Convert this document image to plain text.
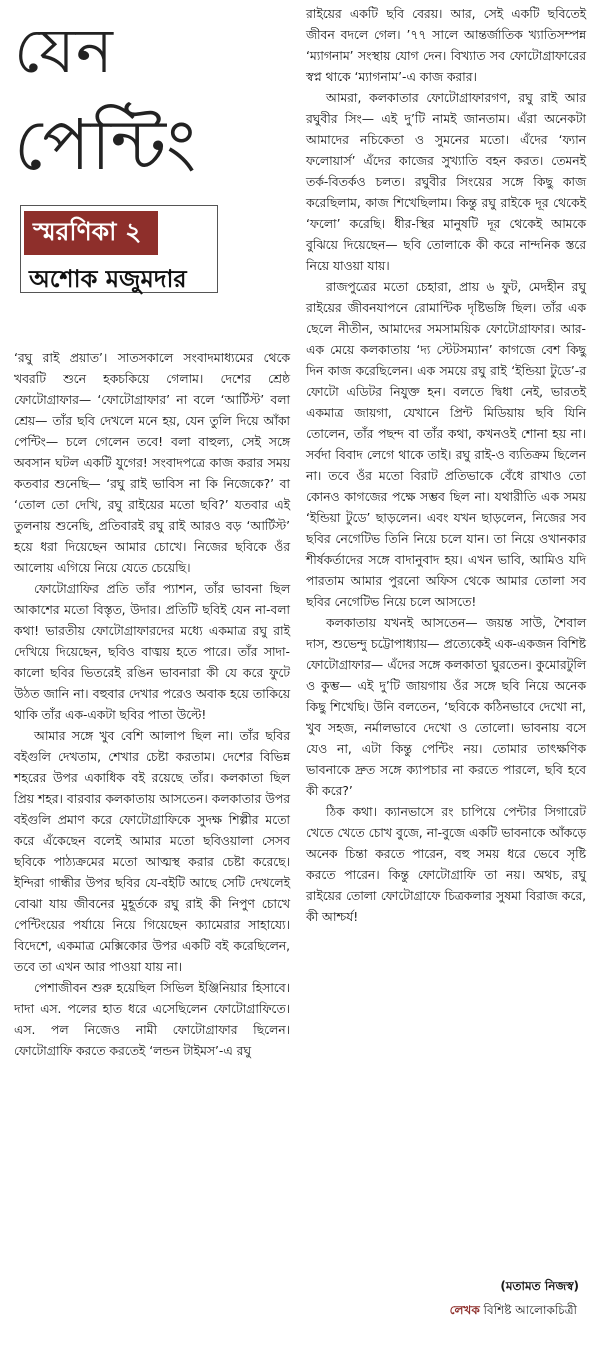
যেন
পেন্টিং
স্মরণিকা ২
অশোক মজুমদার

‘রঘু রাই প্রয়াত’। সাতসকালে সংবাদমাধ্যমের থেকে খবরটি শুনে হকচকিয়ে গেলাম। দেশের শ্রেষ্ঠ ফোটোগ্রাফার— ‘ফোটোগ্রাফার’ না বলে ‘আর্টিস্ট’ বলা শ্রেয়— তাঁর ছবি দেখলে মনে হয়, যেন তুলি দিয়ে আঁকা পেন্টিং— চলে গেলেন তবে! বলা বাহুল্য, সেই সঙ্গে অবসান ঘটল একটি যুগের! সংবাদপত্রে কাজ করার সময় কতবার শুনেছি— ‘রঘু রাই ভাবিস না কি নিজেকে?’ বা ‘তোল তো দেখি, রঘু রাইয়ের মতো ছবি?’ যতবার এই তুলনায় শুনেছি, প্রতিবারই রঘু রাই আরও বড় ‘আর্টিস্ট’ হয়ে ধরা দিয়েছেন আমার চোখে। নিজের ছবিকে ওঁর আলোয় এগিয়ে নিয়ে যেতে চেয়েছি।

ফোটোগ্রাফির প্রতি তাঁর প্যাশন, তাঁর ভাবনা ছিল আকাশের মতো বিস্তৃত, উদার। প্রতিটি ছবিই যেন না-বলা কথা! ভারতীয় ফোটোগ্রাফারদের মধ্যে একমাত্র রঘু রাই দেখিয়ে দিয়েছেন, ছবিও বাঙ্ময় হতে পারে। তাঁর সাদা-কালো ছবির ভিতরেই রঙিন ভাবনারা কী যে করে ফুটে উঠত জানি না। বহুবার দেখার পরেও অবাক হয়ে তাকিয়ে থাকি তাঁর এক-একটা ছবির পাতা উল্টে!

আমার সঙ্গে খুব বেশি আলাপ ছিল না। তাঁর ছবির বইগুলি দেখতাম, শেখার চেষ্টা করতাম। দেশের বিভিন্ন শহরের উপর একাধিক বই রয়েছে তাঁর। কলকাতা ছিল প্রিয় শহর। বারবার কলকাতায় আসতেন। কলকাতার উপর বইগুলি প্রমাণ করে ফোটোগ্রাফিকে সুদক্ষ শিল্পীর মতো করে এঁকেছেন বলেই আমার মতো ছবিওয়ালা সেসব ছবিকে পাঠ্যক্রমের মতো আত্মস্থ করার চেষ্টা করেছে। ইন্দিরা গান্ধীর উপর ছবির যে-বইটি আছে সেটি দেখলেই বোঝা যায় জীবনের মুহূর্তকে রঘু রাই কী নিপুণ চোখে পেন্টিংয়ের পর্যায়ে নিয়ে গিয়েছেন ক্যামেরার সাহায্যে। বিদেশে, একমাত্র মেক্সিকোর উপর একটি বই করেছিলেন, তবে তা এখন আর পাওয়া যায় না।

পেশাজীবন শুরু হয়েছিল সিভিল ইঞ্জিনিয়ার হিসাবে। দাদা এস. পলের হাত ধরে এসেছিলেন ফোটোগ্রাফিতে। এস. পল নিজেও নামী ফোটোগ্রাফার ছিলেন। ফোটোগ্রাফি করতে করতেই ‘লন্ডন টাইমস’-এ রঘু

রাইয়ের একটি ছবি বেরয়। আর, সেই একটি ছবিতেই জীবন বদলে গেল। ’৭৭ সালে আন্তর্জাতিক খ্যাতিসম্পন্ন ‘ম্যাগনাম’ সংস্থায় যোগ দেন। বিখ্যাত সব ফোটোগ্রাফারের স্বপ্ন থাকে ‘ম্যাগনাম’-এ কাজ করার।

আমরা, কলকাতার ফোটোগ্রাফারগণ, রঘু রাই আর রঘুবীর সিং— এই দু’টি নামই জানতাম। এঁরা অনেকটা আমাদের নচিকেতা ও সুমনের মতো। এঁদের ‘ফ্যান ফলোয়ার্স’ এঁদের কাজের সুখ্যাতি বহন করত। তেমনই তর্ক-বিতর্কও চলত। রঘুবীর সিংয়ের সঙ্গে কিছু কাজ করেছিলাম, কাজ শিখেছিলাম। কিন্তু রঘু রাইকে দূর থেকেই ‘ফলো’ করেছি। ধীর-স্থির মানুষটি দূর থেকেই আমকে বুঝিয়ে দিয়েছেন— ছবি তোলাকে কী করে নান্দনিক স্তরে নিয়ে যাওয়া যায়।

রাজপুত্রের মতো চেহারা, প্রায় ৬ ফুট, মেদহীন রঘু রাইয়ের জীবনযাপনে রোমান্টিক দৃষ্টিভঙ্গি ছিল। তাঁর এক ছেলে নীতীন, আমাদের সমসাময়িক ফোটোগ্রাফার। আর-এক মেয়ে কলকাতায় ‘দ্য স্টেটসম্যান’ কাগজে বেশ কিছু দিন কাজ করেছিলেন। এক সময়ে রঘু রাই ‘ইন্ডিয়া টুডে’-র ফোটো এডিটর নিযুক্ত হন। বলতে দ্বিধা নেই, ভারতই একমাত্র জায়গা, যেখানে প্রিন্ট মিডিয়ায় ছবি যিনি তোলেন, তাঁর পছন্দ বা তাঁর কথা, কখনওই শোনা হয় না। সর্বদা বিবাদ লেগে থাকে তাই। রঘু রাই-ও ব্যতিক্রম ছিলেন না। তবে ওঁর মতো বিরাট প্রতিভাকে বেঁধে রাখাও তো কোনও কাগজের পক্ষে সম্ভব ছিল না। যথারীতি এক সময় ‘ইন্ডিয়া টুডে’ ছাড়লেন। এবং যখন ছাড়লেন, নিজের সব ছবির নেগেটিভ তিনি নিয়ে চলে যান। তা নিয়ে ওখানকার শীর্ষকর্তাদের সঙ্গে বাদানুবাদ হয়। এখন ভাবি, আমিও যদি পারতাম আমার পুরনো অফিস থেকে আমার তোলা সব ছবির নেগেটিভ নিয়ে চলে আসতে!

কলকাতায় যখনই আসতেন— জয়ন্ত সাউ, শৈবাল দাস, শুভেন্দু চট্টোপাধ্যায়— প্রত্যেকেই এক-একজন বিশিষ্ট ফোটোগ্রাফার— এঁদের সঙ্গে কলকাতা ঘুরতেন। কুমোরটুলি ও কুম্ভ— এই দু’টি জায়গায় ওঁর সঙ্গে ছবি নিয়ে অনেক কিছু শিখেছি। উনি বলতেন, ‘ছবিকে কঠিনভাবে দেখো না, খুব সহজ, নর্মালভাবে দেখো ও তোলো। ভাবনায় বসে যেও না, এটা কিন্তু পেন্টিং নয়। তোমার তাৎক্ষণিক ভাবনাকে দ্রুত সঙ্গে ক্যাপচার না করতে পারলে, ছবি হবে কী করে?’

ঠিক কথা। ক্যানভাসে রং চাপিয়ে পেন্টার সিগারেট খেতে খেতে চোখ বুজে, না-বুজে একটি ভাবনাকে আঁকড়ে অনেক চিন্তা করতে পারেন, বহু সময় ধরে ভেবে সৃষ্টি করতে পারেন। কিন্তু ফোটোগ্রাফি তা নয়। অথচ, রঘু রাইয়ের তোলা ফোটোগ্রাফে চিত্রকলার সুষমা বিরাজ করে, কী আশ্চর্য!

(মতামত নিজস্ব)
লেখক বিশিষ্ট আলোকচিত্রী
